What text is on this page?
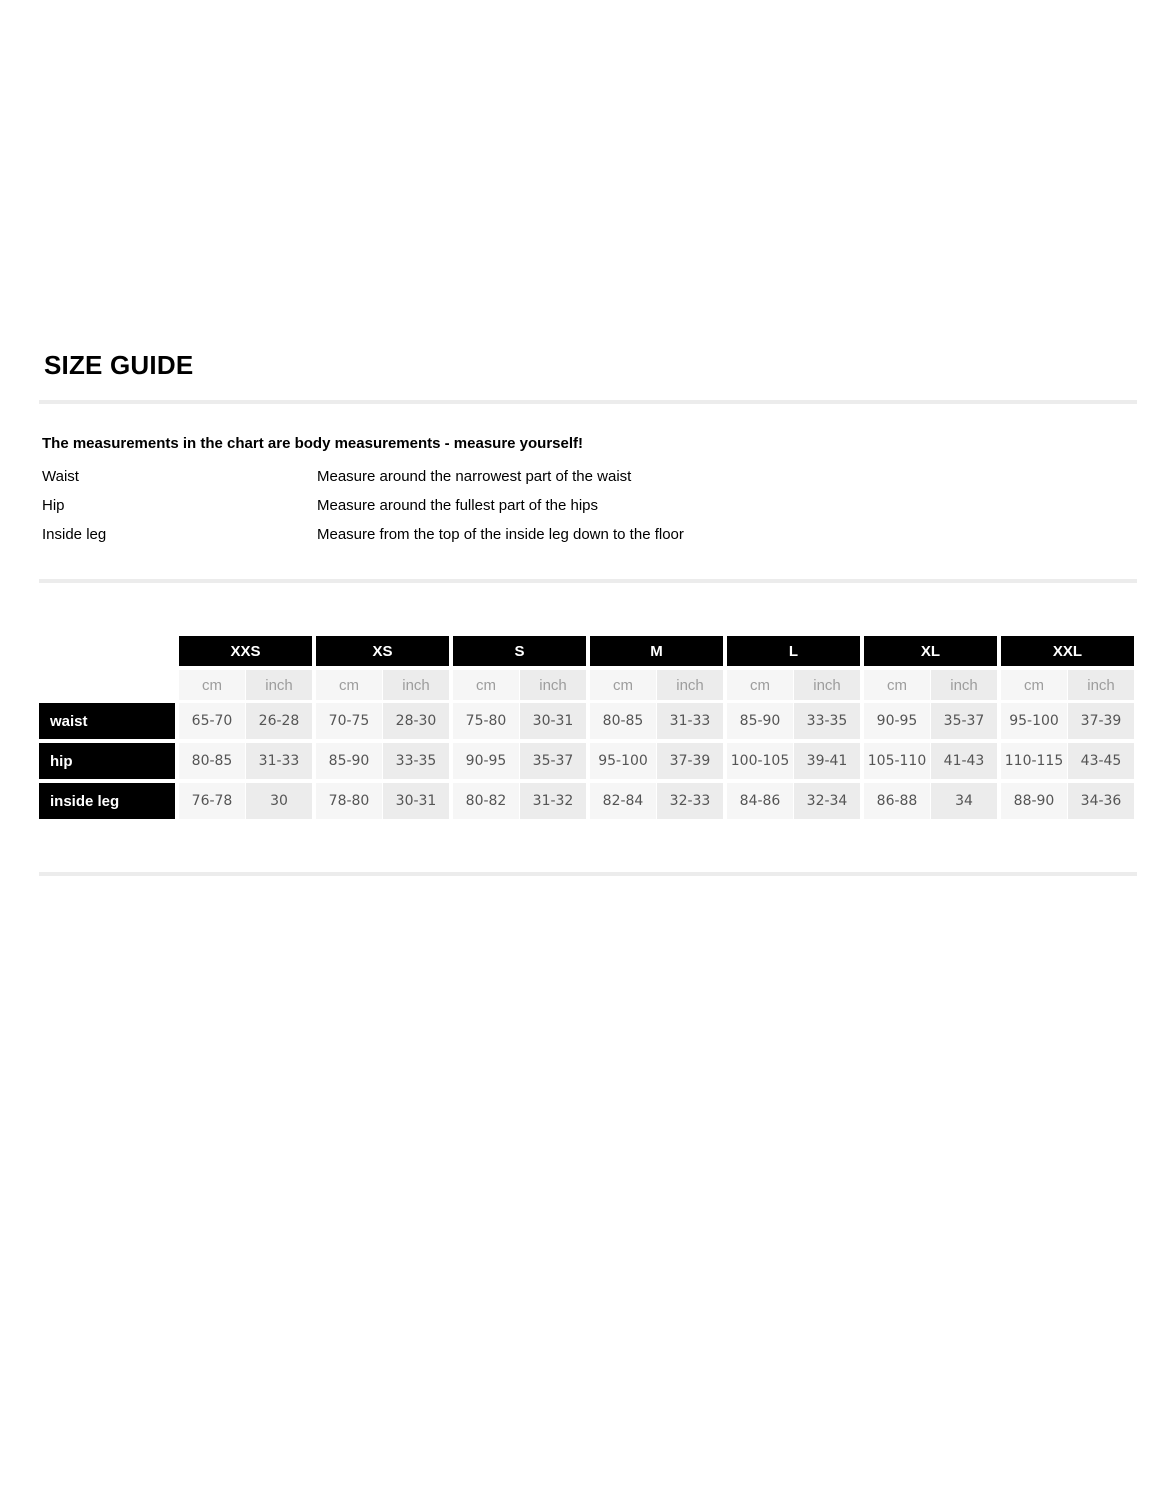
SIZE GUIDE

The measurements in the chart are body measurements - measure yourself!

Waist	Measure around the narrowest part of the waist
Hip	Measure around the fullest part of the hips
Inside leg	Measure from the top of the inside leg down to the floor
XXS
cm	inch
XS
cm	inch
S
cm	inch
M
cm	inch
L
cm	inch
XL
cm	inch
XXL
cm	inch
waist	65-70	26-28	70-75	28-30	75-80	30-31	80-85	31-33	85-90	33-35	90-95	35-37	95-100	37-39
hip	80-85	31-33	85-90	33-35	90-95	35-37	95-100	37-39	100-105	39-41	105-110	41-43	110-115	43-45
inside leg	76-78	30	78-80	30-31	80-82	31-32	82-84	32-33	84-86	32-34	86-88	34	88-90	34-36
